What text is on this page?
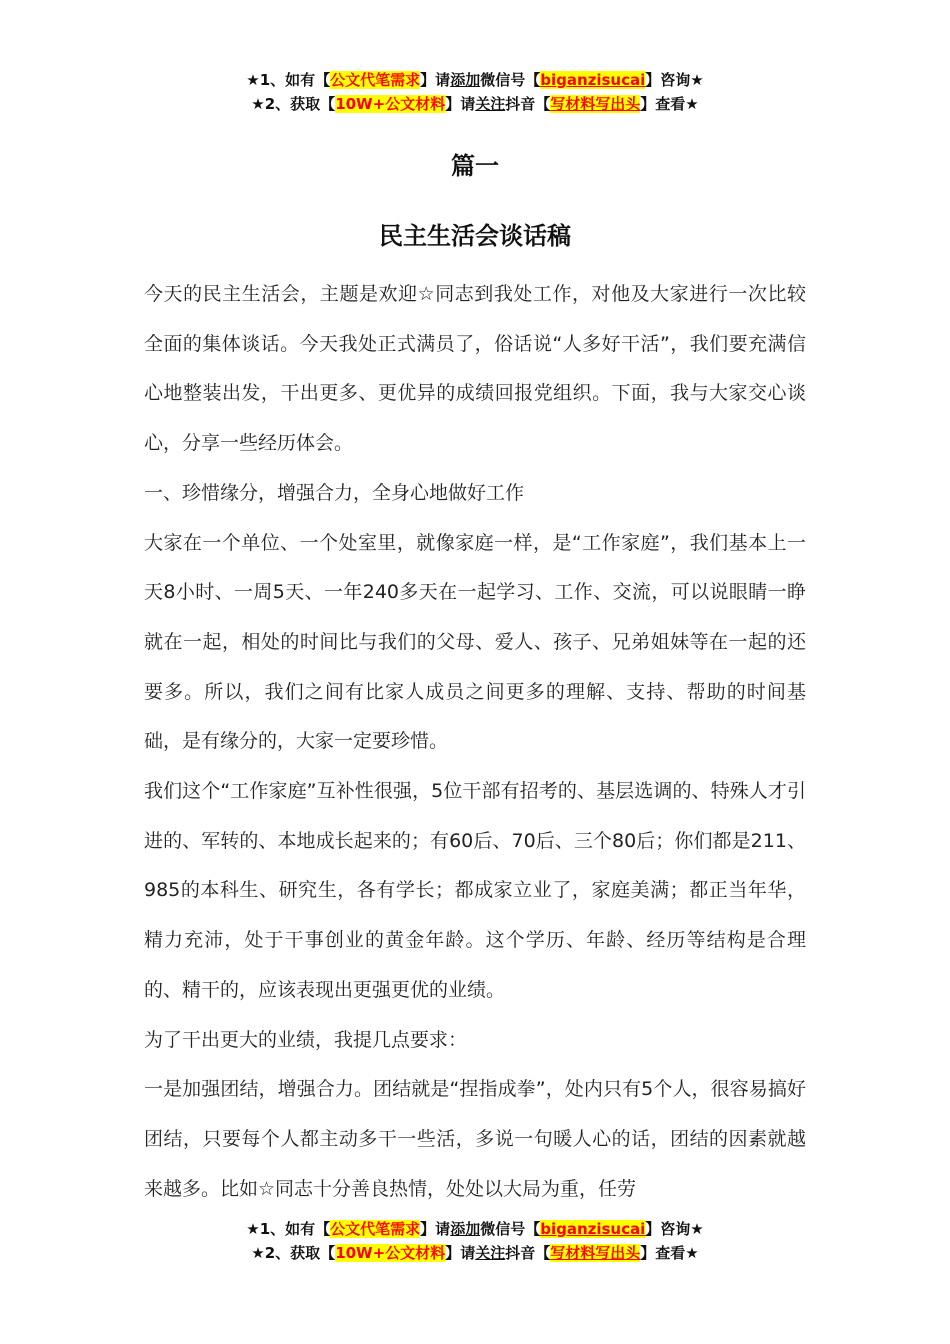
★1、如有【公文代笔需求】请添加微信号【biganzisucai】咨询★
★2、获取【10W+公文材料】请关注抖音【写材料写出头】查看★
篇一
民主生活会谈话稿

今天的民主生活会，主题是欢迎☆同志到我处工作，对他及大家进行一次比较全面的集体谈话。今天我处正式满员了，俗话说“人多好干活”，我们要充满信心地整装出发，干出更多、更优异的成绩回报党组织。下面，我与大家交心谈心，分享一些经历体会。

一、珍惜缘分，增强合力，全身心地做好工作

大家在一个单位、一个处室里，就像家庭一样，是“工作家庭”，我们基本上一天8小时、一周5天、一年240多天在一起学习、工作、交流，可以说眼睛一睁就在一起，相处的时间比与我们的父母、爱人、孩子、兄弟姐妹等在一起的还要多。所以，我们之间有比家人成员之间更多的理解、支持、帮助的时间基础，是有缘分的，大家一定要珍惜。

我们这个“工作家庭”互补性很强，5位干部有招考的、基层选调的、特殊人才引进的、军转的、本地成长起来的；有60后、70后、三个80后；你们都是211、985的本科生、研究生，各有学长；都成家立业了，家庭美满；都正当年华，精力充沛，处于干事创业的黄金年龄。这个学历、年龄、经历等结构是合理的、精干的，应该表现出更强更优的业绩。

为了干出更大的业绩，我提几点要求：

一是加强团结，增强合力。团结就是“捏指成拳”，处内只有5个人，很容易搞好团结，只要每个人都主动多干一些活，多说一句暖人心的话，团结的因素就越来越多。比如☆同志十分善良热情，处处以大局为重，任劳

★1、如有【公文代笔需求】请添加微信号【biganzisucai】咨询★
★2、获取【10W+公文材料】请关注抖音【写材料写出头】查看★
